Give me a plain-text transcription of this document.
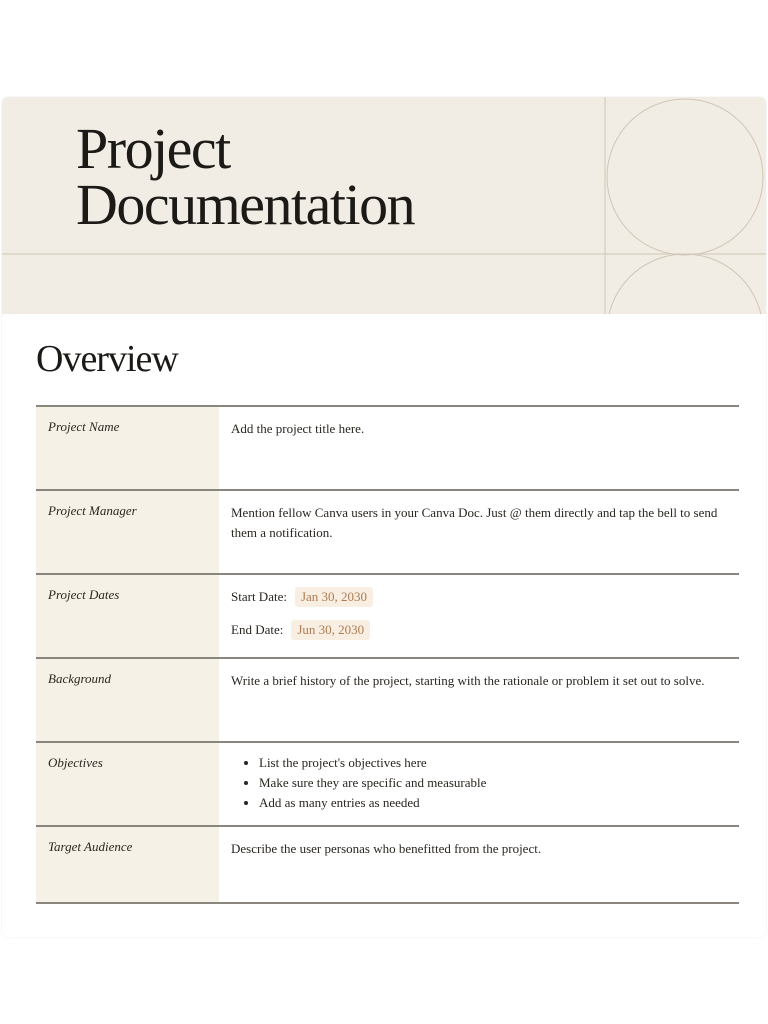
Project
Documentation
Overview
Project Name	Add the project title here.
Project Manager	Mention fellow Canva users in your Canva Doc. Just @ them directly and tap the bell to send them a notification.
Project Dates	Start Date:	Jan 30, 2030
End Date:	Jun 30, 2030
Background	Write a brief history of the project, starting with the rationale or problem it set out to solve.
Objectives
•	List the project's objectives here
• Make sure they are specific and measurable
• Add as many entries as needed
Target Audience	Describe the user personas who benefitted from the project.
